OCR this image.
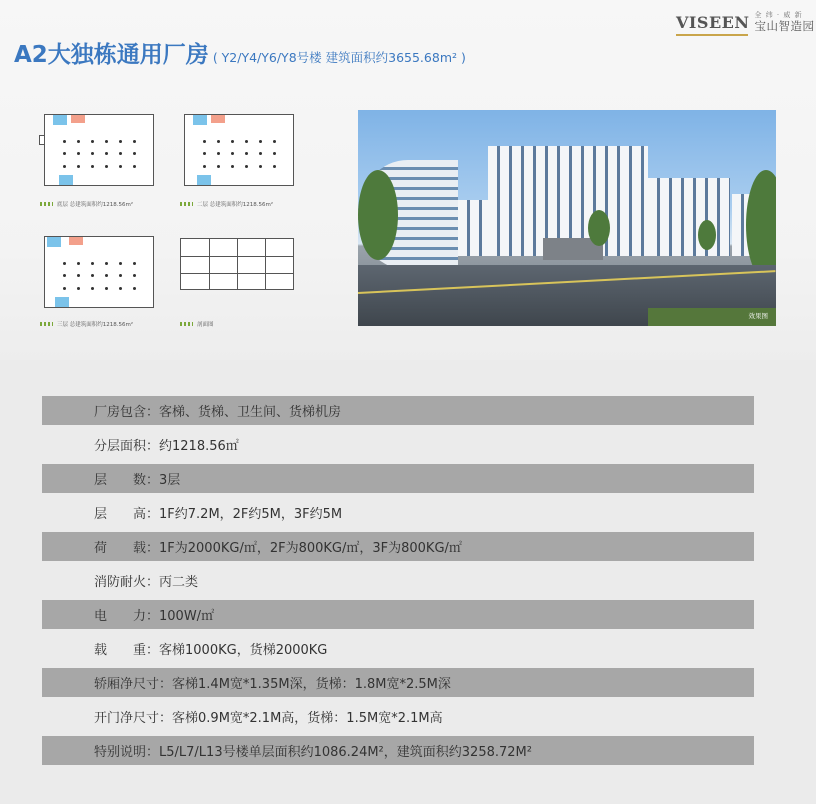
A2大独栋通用厂房 ( Y2/Y4/Y6/Y8号楼 建筑面积约3655.68m² )
VISEEN 全 纬 · 威 新
宝山智造园
底层 总建筑面积约1218.56m²	二层 总建筑面积约1218.56m²
三层 总建筑面积约1218.56m²	剖面图
效果图
厂房包含： 客梯、货梯、卫生间、货梯机房
分层面积： 约1218.56㎡
层　　数： 3层
层　　高： 1F约7.2M，2F约5M，3F约5M
荷　　载： 1F为2000KG/㎡，2F为800KG/㎡，3F为800KG/㎡
消防耐火： 丙二类
电　　力： 100W/㎡
载　　重： 客梯1000KG，货梯2000KG
轿厢净尺寸： 客梯1.4M宽*1.35M深，货梯：1.8M宽*2.5M深
开门净尺寸： 客梯0.9M宽*2.1M高，货梯：1.5M宽*2.1M高
特别说明： L5/L7/L13号楼单层面积约1086.24M²，建筑面积约3258.72M²
